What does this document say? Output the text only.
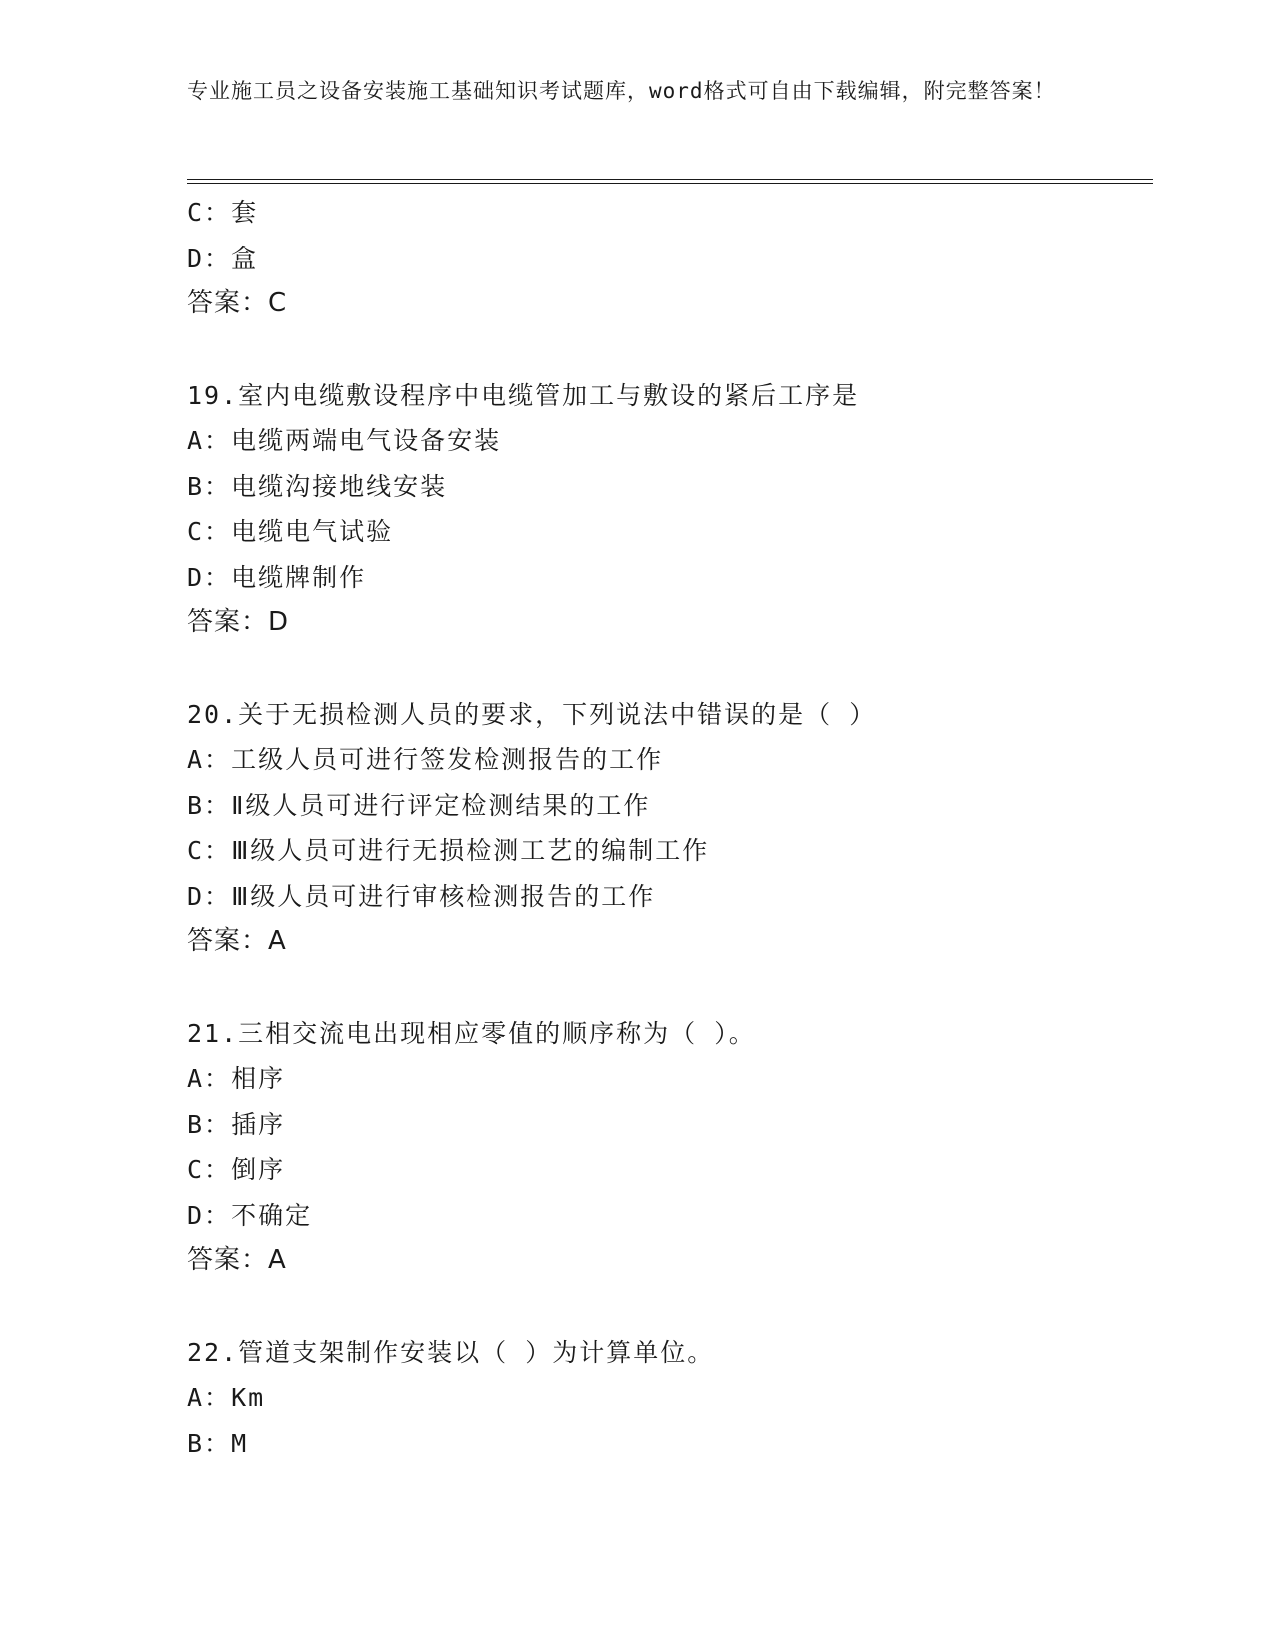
专业施工员之设备安装施工基础知识考试题库，word格式可自由下载编辑，附完整答案！
C：套
D：盒
答案：C
19.室内电缆敷设程序中电缆管加工与敷设的紧后工序是
A：电缆两端电气设备安装
B：电缆沟接地线安装
C：电缆电气试验
D：电缆牌制作
答案：D
20.关于无损检测人员的要求，下列说法中错误的是（ ）
A：工级人员可进行签发检测报告的工作
B：Ⅱ级人员可进行评定检测结果的工作
C：Ⅲ级人员可进行无损检测工艺的编制工作
D：Ⅲ级人员可进行审核检测报告的工作
答案：A
21.三相交流电出现相应零值的顺序称为（ ）。
A：相序
B：插序
C：倒序
D：不确定
答案：A
22.管道支架制作安装以（ ）为计算单位。
A：Km
B：M
